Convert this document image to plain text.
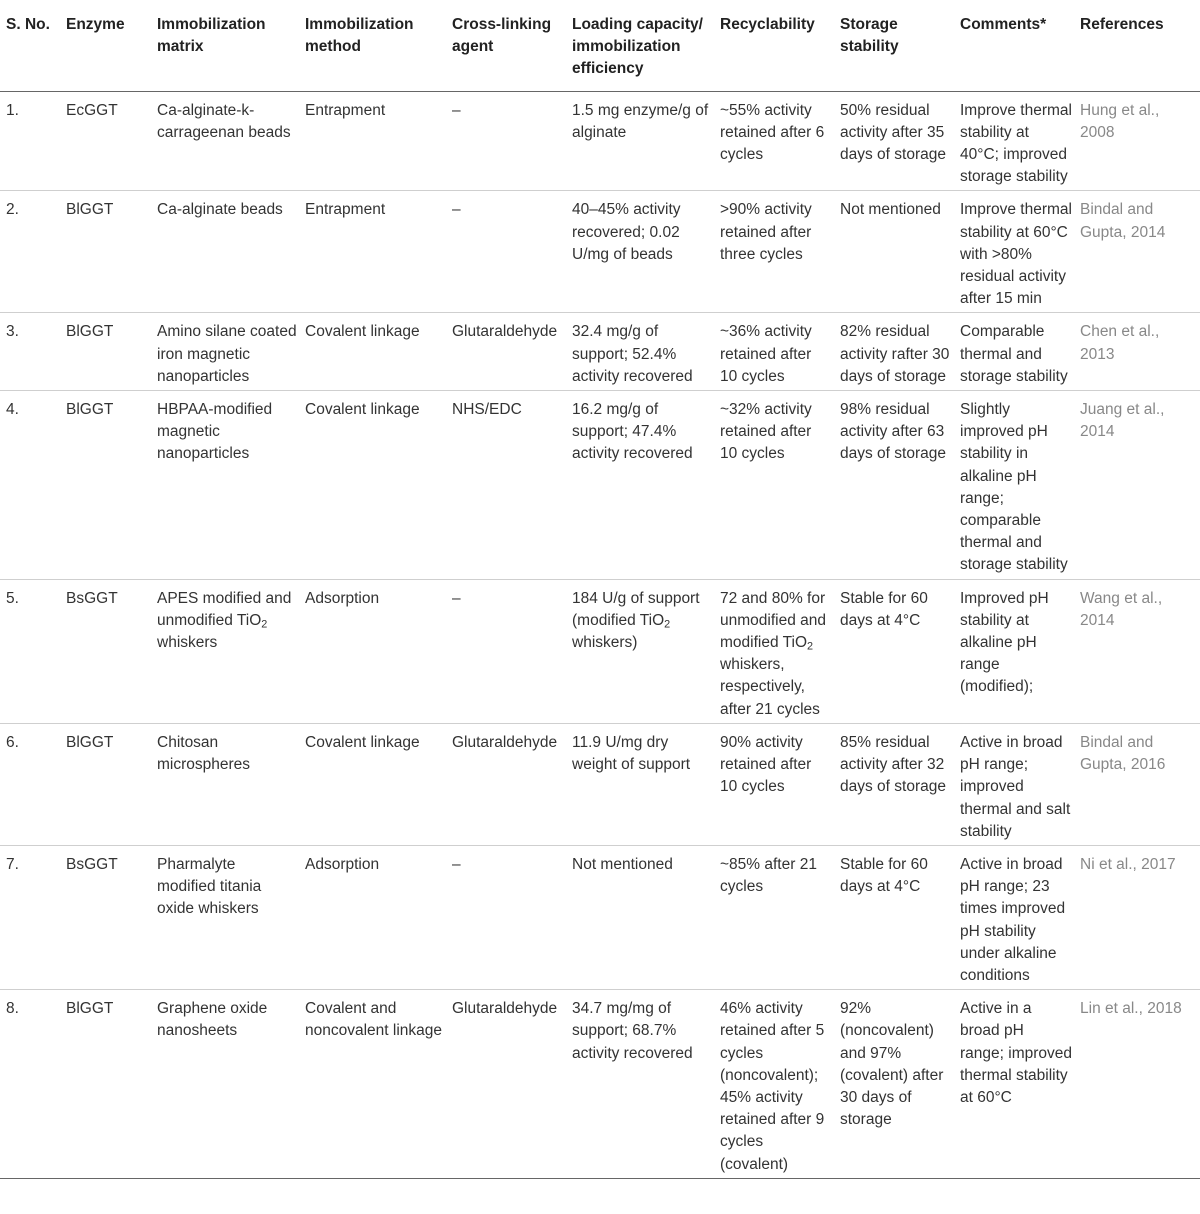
S. No.	Enzyme	Immobilization matrix	Immobilization method	Cross-linking agent	Loading capacity/ immobilization efficiency	Recyclability	Storage stability	Comments*	References
1.	EcGGT	Ca-alginate-k-carrageenan beads	Entrapment	–	1.5 mg enzyme/g of alginate	~55% activity retained after 6 cycles	50% residual activity after 35 days of storage	Improve thermal stability at 40°C; improved storage stability	Hung et al., 2008
2.	BlGGT	Ca-alginate beads	Entrapment	–	40–45% activity recovered; 0.02 U/mg of beads	>90% activity retained after three cycles	Not mentioned	Improve thermal stability at 60°C with >80% residual activity after 15 min	Bindal and Gupta, 2014
3.	BlGGT	Amino silane coated iron magnetic nanoparticles	Covalent linkage	Glutaraldehyde	32.4 mg/g of support; 52.4% activity recovered	~36% activity retained after 10 cycles	82% residual activity rafter 30 days of storage	Comparable thermal and storage stability	Chen et al., 2013
4.	BlGGT	HBPAA-modified magnetic nanoparticles	Covalent linkage	NHS/EDC	16.2 mg/g of support; 47.4% activity recovered	~32% activity retained after 10 cycles	98% residual activity after 63 days of storage	Slightly improved pH stability in alkaline pH range; comparable thermal and storage stability	Juang et al., 2014
5.	BsGGT	APES modified and unmodified TiO$_2$ whiskers	Adsorption	–	184 U/g of support (modified TiO$_2$ whiskers)	72 and 80% for unmodified and modified TiO$_2$ whiskers, respectively, after 21 cycles	Stable for 60 days at 4°C	Improved pH stability at alkaline pH range (modified);	Wang et al., 2014
6.	BlGGT	Chitosan microspheres	Covalent linkage	Glutaraldehyde	11.9 U/mg dry weight of support	90% activity retained after 10 cycles	85% residual activity after 32 days of storage	Active in broad pH range; improved thermal and salt stability	Bindal and Gupta, 2016
7.	BsGGT	Pharmalyte modified titania oxide whiskers	Adsorption	–	Not mentioned	~85% after 21 cycles	Stable for 60 days at 4°C	Active in broad pH range; 23 times improved pH stability under alkaline conditions	Ni et al., 2017
8.	BlGGT	Graphene oxide nanosheets	Covalent and noncovalent linkage	Glutaraldehyde	34.7 mg/mg of support; 68.7% activity recovered	46% activity retained after 5 cycles (noncovalent); 45% activity retained after 9 cycles (covalent)	92% (noncovalent) and 97% (covalent) after 30 days of storage	Active in a broad pH range; improved thermal stability at 60°C	Lin et al., 2018
